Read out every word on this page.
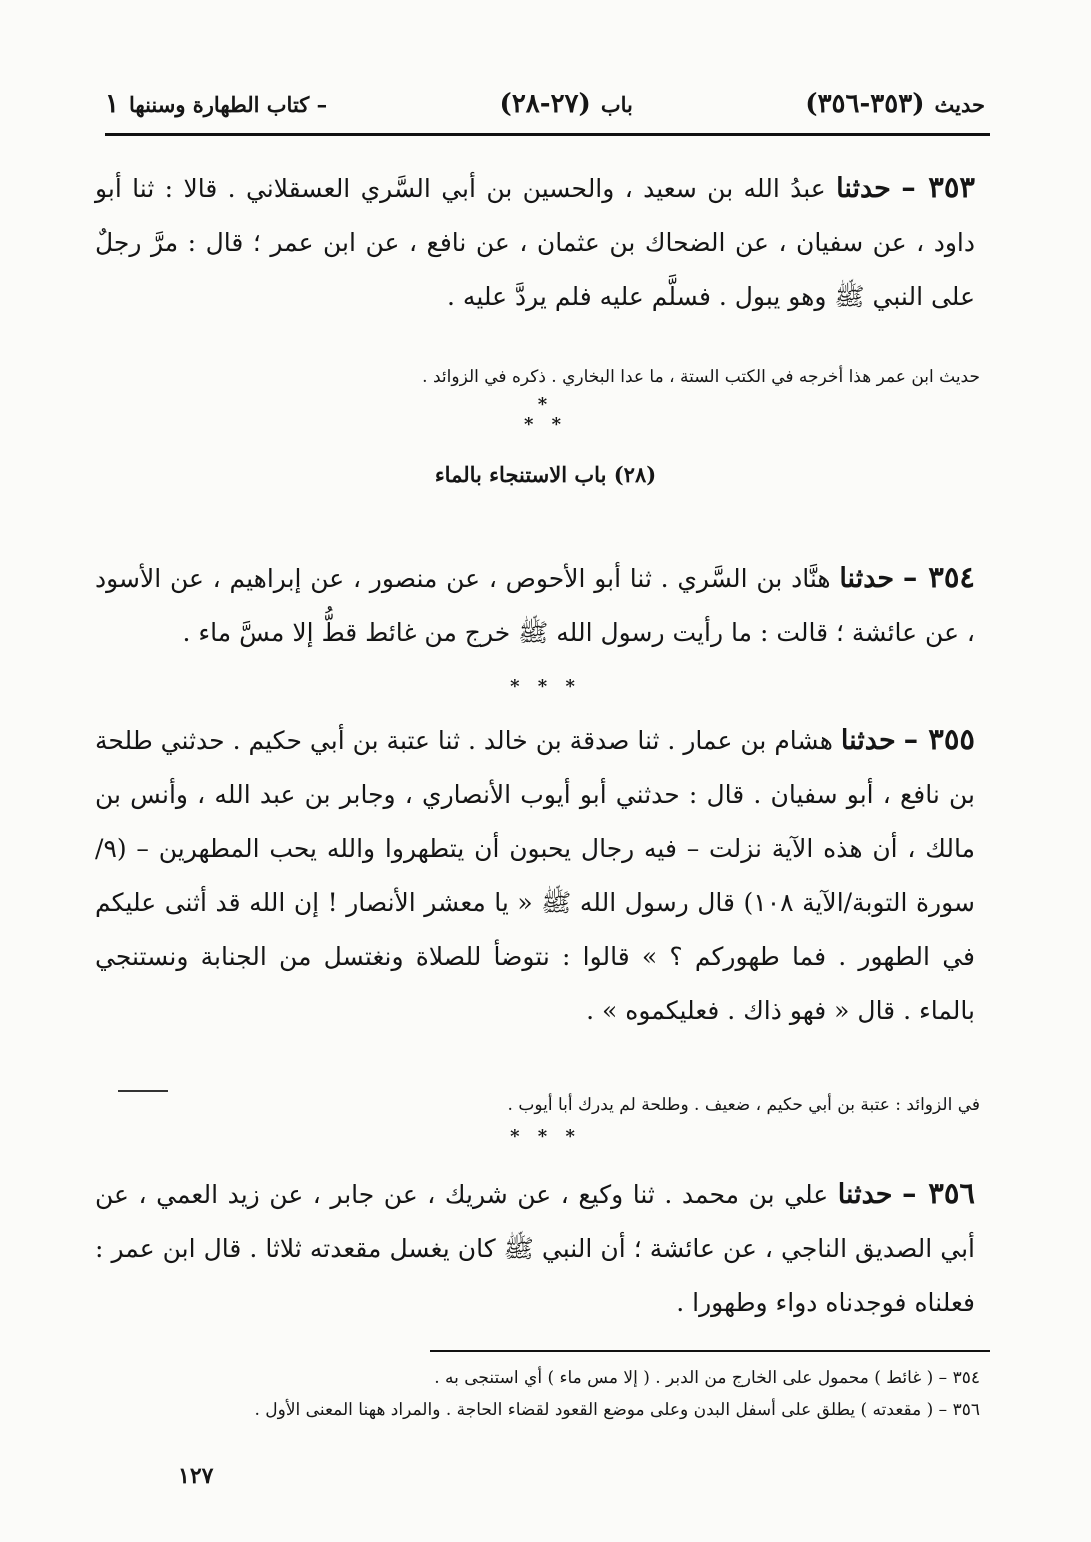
١ – كتاب الطهارة وسننها	(٢٧-٢٨) باب	(٣٥٣-٣٥٦) حديث
٣٥٣ – حدثنا عبدُ الله بن سعيد ، والحسين بن أبي السَّري العسقلاني . قالا : ثنا أبو داود ، عن سفيان ، عن الضحاك بن عثمان ، عن نافع ، عن ابن عمر ؛ قال : مرَّ رجلٌ على النبي ﷺ وهو يبول . فسلَّم عليه فلم يردَّ عليه .
حديث ابن عمر هذا أخرجه في الكتب الستة ، ما عدا البخاري . ذكره في الزوائد .
*
* *
(٢٨) باب الاستنجاء بالماء
٣٥٤ – حدثنا هنَّاد بن السَّري . ثنا أبو الأحوص ، عن منصور ، عن إبراهيم ، عن الأسود ، عن عائشة ؛ قالت : ما رأيت رسول الله ﷺ خرج من غائط قطُّ إلا مسَّ ماء .
* * *
٣٥٥ – حدثنا هشام بن عمار . ثنا صدقة بن خالد . ثنا عتبة بن أبي حكيم . حدثني طلحة بن نافع ، أبو سفيان . قال : حدثني أبو أيوب الأنصاري ، وجابر بن عبد الله ، وأنس بن مالك ، أن هذه الآية نزلت – فيه رجال يحبون أن يتطهروا والله يحب المطهرين – (٩/سورة التوبة/الآية ١٠٨) قال رسول الله ﷺ « يا معشر الأنصار ! إن الله قد أثنى عليكم في الطهور . فما طهوركم ؟ » قالوا : نتوضأ للصلاة ونغتسل من الجنابة ونستنجي بالماء . قال « فهو ذاك . فعليكموه » .
في الزوائد : عتبة بن أبي حكيم ، ضعيف . وطلحة لم يدرك أبا أيوب .
* * *
٣٥٦ – حدثنا علي بن محمد . ثنا وكيع ، عن شريك ، عن جابر ، عن زيد العمي ، عن أبي الصديق الناجي ، عن عائشة ؛ أن النبي ﷺ كان يغسل مقعدته ثلاثا . قال ابن عمر : فعلناه فوجدناه دواء وطهورا .
٣٥٤ – ( غائط ) محمول على الخارج من الدبر . ( إلا مس ماء ) أي استنجى به .
٣٥٦ – ( مقعدته ) يطلق على أسفل البدن وعلى موضع القعود لقضاء الحاجة . والمراد ههنا المعنى الأول .
١٢٧
